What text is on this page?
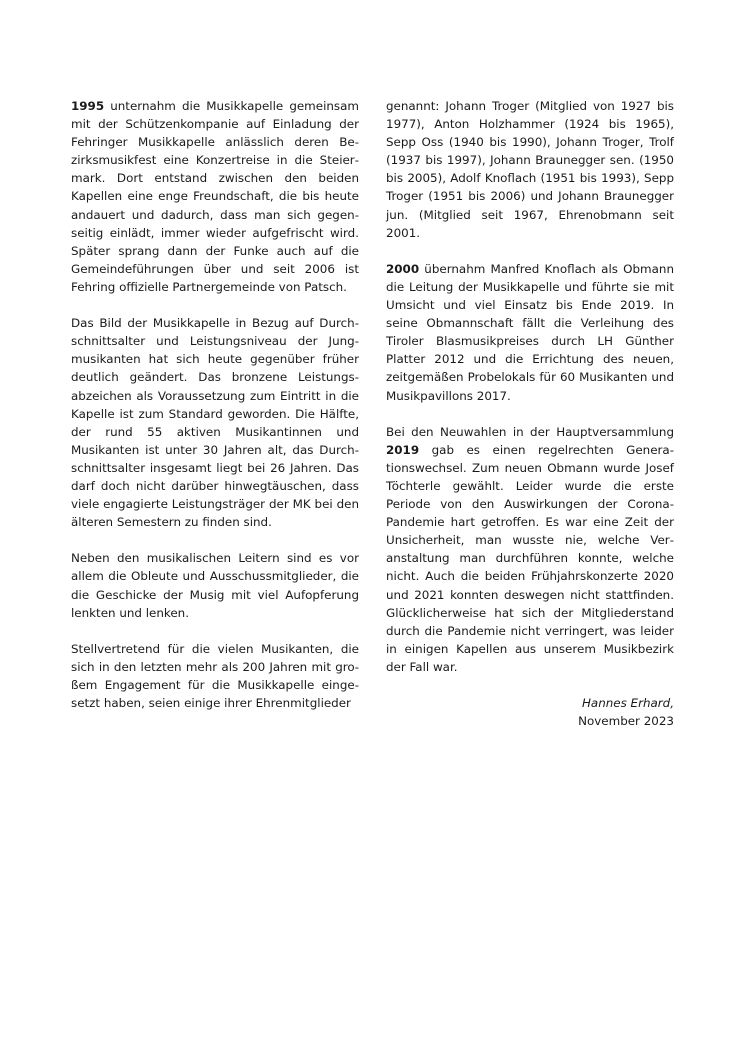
1995 unternahm die Musikkapelle gemeinsam mit der Schützenkompanie auf Einladung der Fehringer Musikkapelle anlässlich deren Bezirksmusikfest eine Konzertreise in die Steiermark. Dort entstand zwischen den beiden Kapellen eine enge Freundschaft, die bis heute andauert und dadurch, dass man sich gegenseitig einlädt, immer wieder aufgefrischt wird. Später sprang dann der Funke auch auf die Gemeindeführungen über und seit 2006 ist Fehring offizielle Partnergemeinde von Patsch.

Das Bild der Musikkapelle in Bezug auf Durchschnittsalter und Leistungsniveau der Jungmusikanten hat sich heute gegenüber früher deutlich geändert. Das bronzene Leistungsabzeichen als Voraussetzung zum Eintritt in die Kapelle ist zum Standard geworden. Die Hälfte, der rund 55 aktiven Musikantinnen und Musikanten ist unter 30 Jahren alt, das Durchschnittsalter insgesamt liegt bei 26 Jahren. Das darf doch nicht darüber hinwegtäuschen, dass viele engagierte Leistungsträger der MK bei den älteren Semestern zu finden sind.

Neben den musikalischen Leitern sind es vor allem die Obleute und Ausschussmitglieder, die die Geschicke der Musig mit viel Aufopferung lenkten und lenken.

Stellvertretend für die vielen Musikanten, die sich in den letzten mehr als 200 Jahren mit großem Engagement für die Musikkapelle eingesetzt haben, seien einige ihrer Ehrenmitglieder

genannt: Johann Troger (Mitglied von 1927 bis 1977), Anton Holzhammer (1924 bis 1965), Sepp Oss (1940 bis 1990), Johann Troger, Trolf (1937 bis 1997), Johann Braunegger sen. (1950 bis 2005), Adolf Knoflach (1951 bis 1993), Sepp Troger (1951 bis 2006) und Johann Braunegger jun. (Mitglied seit 1967, Ehrenobmann seit 2001.

2000 übernahm Manfred Knoflach als Obmann die Leitung der Musikkapelle und führte sie mit Umsicht und viel Einsatz bis Ende 2019. In seine Obmannschaft fällt die Verleihung des Tiroler Blasmusikpreises durch LH Günther Platter 2012 und die Errichtung des neuen, zeitgemäßen Probelokals für 60 Musikanten und Musikpavillons 2017.

Bei den Neuwahlen in der Hauptversammlung 2019 gab es einen regelrechten Generationswechsel. Zum neuen Obmann wurde Josef Töchterle gewählt. Leider wurde die erste Periode von den Auswirkungen der Corona-Pandemie hart getroffen. Es war eine Zeit der Unsicherheit, man wusste nie, welche Veranstaltung man durchführen konnte, welche nicht. Auch die beiden Frühjahrskonzerte 2020 und 2021 konnten deswegen nicht stattfinden. Glücklicherweise hat sich der Mitgliederstand durch die Pandemie nicht verringert, was leider in einigen Kapellen aus unserem Musikbezirk der Fall war.

Hannes Erhard,
November 2023
